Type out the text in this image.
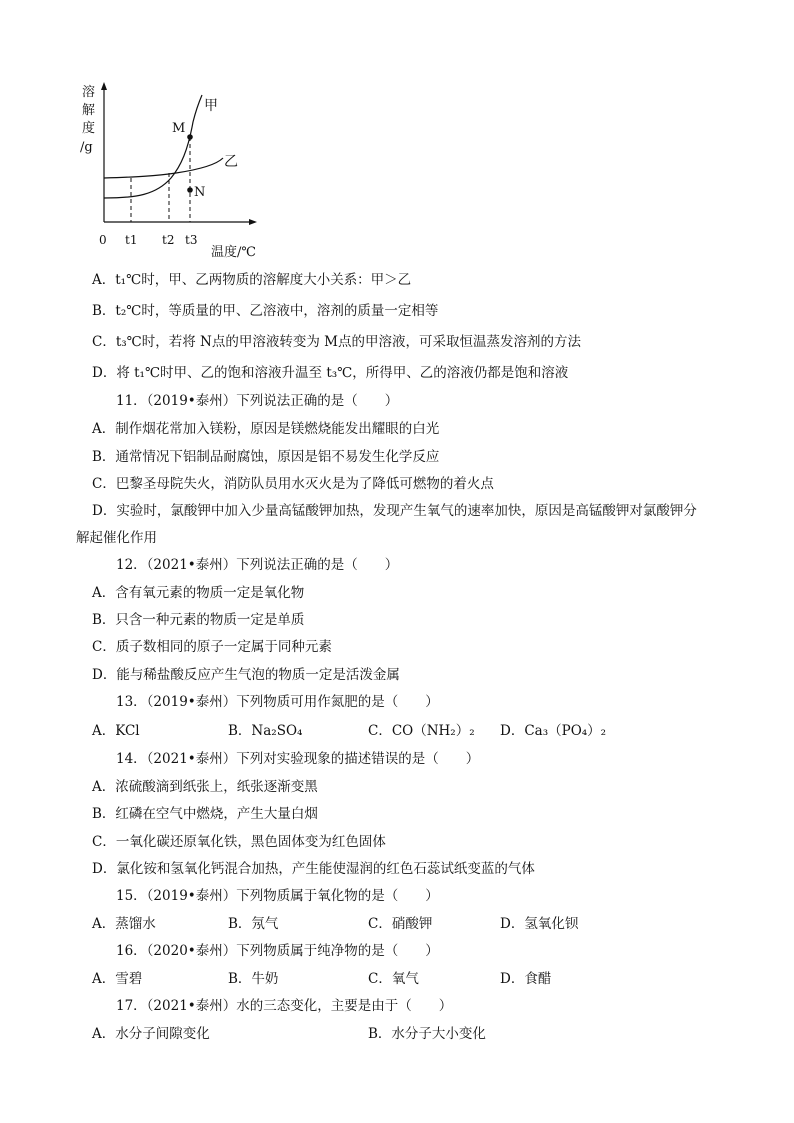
溶
解
度
/g
M
N
甲
乙
0 t1 t2 t3
温度/℃
A．t₁℃时，甲、乙两物质的溶解度大小关系：甲＞乙
B．t₂℃时，等质量的甲、乙溶液中，溶剂的质量一定相等
C．t₃℃时，若将 N点的甲溶液转变为 M点的甲溶液，可采取恒温蒸发溶剂的方法
D．将 t₁℃时甲、乙的饱和溶液升温至 t₃℃，所得甲、乙的溶液仍都是饱和溶液
11．（2019•泰州）下列说法正确的是（　　）
A．制作烟花常加入镁粉，原因是镁燃烧能发出耀眼的白光
B．通常情况下铝制品耐腐蚀，原因是铝不易发生化学反应
C．巴黎圣母院失火，消防队员用水灭火是为了降低可燃物的着火点
D．实验时，氯酸钾中加入少量高锰酸钾加热，发现产生氧气的速率加快，原因是高锰酸钾对氯酸钾分
解起催化作用
12．（2021•泰州）下列说法正确的是（　　）
A．含有氧元素的物质一定是氧化物
B．只含一种元素的物质一定是单质
C．质子数相同的原子一定属于同种元素
D．能与稀盐酸反应产生气泡的物质一定是活泼金属
13．（2019•泰州）下列物质可用作氮肥的是（　　）
A．KCl	B．Na₂SO₄	C．CO（NH₂）₂ D．Ca₃（PO₄）₂
14．（2021•泰州）下列对实验现象的描述错误的是（　　）
A．浓硫酸滴到纸张上，纸张逐渐变黑
B．红磷在空气中燃烧，产生大量白烟
C．一氧化碳还原氧化铁，黑色固体变为红色固体
D．氯化铵和氢氧化钙混合加热，产生能使湿润的红色石蕊试纸变蓝的气体
15．（2019•泰州）下列物质属于氧化物的是（　　）
A．蒸馏水	B．氖气	C．硝酸钾	D．氢氧化钡
16．（2020•泰州）下列物质属于纯净物的是（　　）
A．雪碧	B．牛奶	C．氧气	D．食醋
17．（2021•泰州）水的三态变化，主要是由于（　　）
A．水分子间隙变化	B．水分子大小变化
